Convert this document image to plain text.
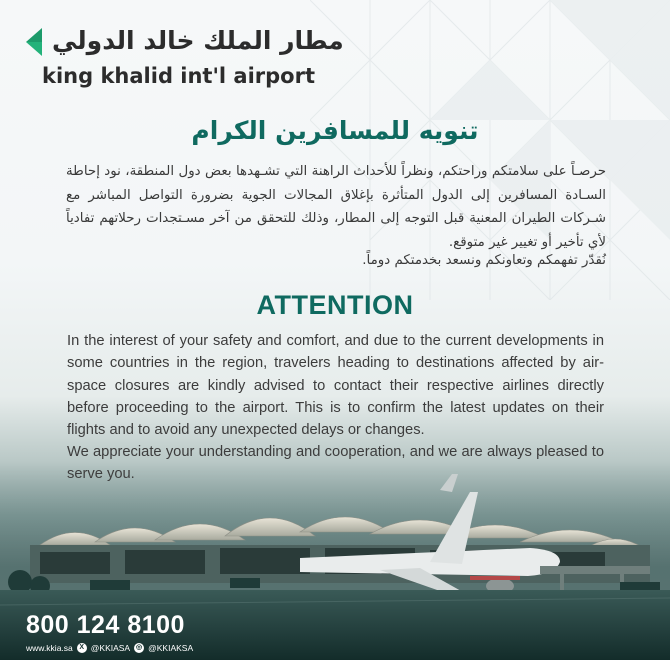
مطار الملك خالد الدولي
king khalid int'l airport
تنويه للمسافرين الكرام
حرصـاً على سلامتكم وراحتكم، ونظراً للأحداث الراهنة التي تشـهدها بعض دول المنطقة، نود إحاطة السـادة المسافرين إلى الدول المتأثرة بإغلاق المجالات الجوية بضرورة التواصل المباشر مع شـركات الطيران المعنية قبل التوجه إلى المطار، وذلك للتحقق من آخر مسـتجدات رحلاتهم تفادياً لأي تأخير أو تغيير غير متوقع.
نُقدّر تفهمكم وتعاونكم ونسعد بخدمتكم دوماً.
ATTENTION
In the interest of your safety and comfort, and due to the current developments in some countries in the region, travelers heading to destinations affected by air-space closures are kindly advised to contact their respective airlines directly before proceeding to the airport. This is to confirm the latest updates on their flights and to avoid any unexpected delays or changes.
We appreciate your understanding and cooperation, and we are always pleased to
800 124 8100
www.kkia.sa X @KKIASA ◎ @KKIAKSA
